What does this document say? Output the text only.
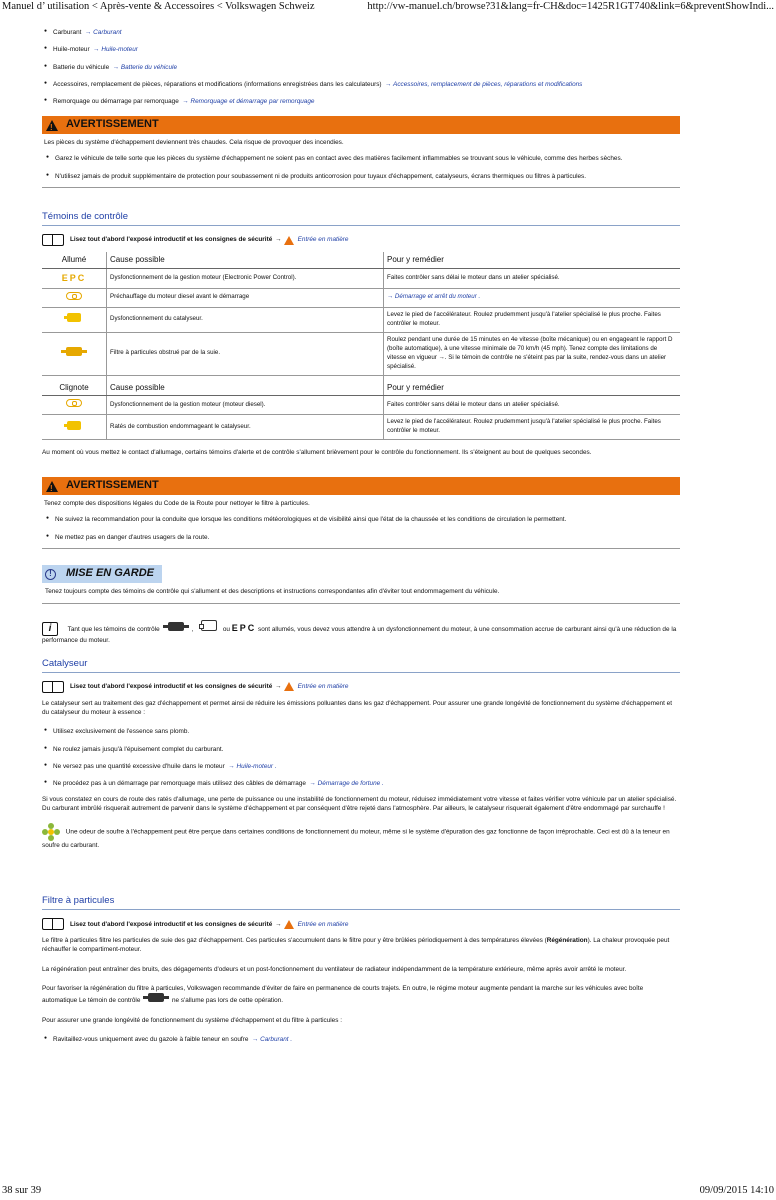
Manuel d’ utilisation < Après-vente & Accessoires < Volkswagen Schweiz	http://vw-manuel.ch/browse?31&lang=fr-CH&doc=1425R1GT740&link=6&preventShowIndi...
● Carburant → Carburant
● Huile-moteur → Huile-moteur
● Batterie du véhicule → Batterie du véhicule
● Accessoires, remplacement de pièces, réparations et modifications (informations enregistrées dans les calculateurs) → Accessoires, remplacement de pièces, réparations et modifications
● Remorquage ou démarrage par remorquage → Remorquage et démarrage par remorquage
!
AVERTISSEMENT

Les pièces du système d'échappement deviennent très chaudes. Cela risque de provoquer des incendies.

● Garez le véhicule de telle sorte que les pièces du système d'échappement ne soient pas en contact avec des matières facilement inflammables se trouvant sous le véhicule, comme des herbes sèches.
● N'utilisez jamais de produit supplémentaire de protection pour soubassement ni de produits anticorrosion pour tuyaux d'échappement, catalyseurs, écrans thermiques ou filtres à particules.
Témoins de contrôle
Lisez tout d'abord l'exposé introductif et les consignes de sécurité →	Entrée en matière
Allumé	Cause possible	Pour y remédier
EPC	Dysfonctionnement de la gestion moteur (Electronic Power Control).	Faites contrôler sans délai le moteur dans un atelier spécialisé.
	Préchauffage du moteur diesel avant le démarrage	→ Démarrage et arrêt du moteur .
	Dysfonctionnement du catalyseur.	Levez le pied de l'accélérateur. Roulez prudemment jusqu'à l'atelier spécialisé le plus proche. Faites contrôler le moteur.
	Filtre à particules obstrué par de la suie.	Roulez pendant une durée de 15 minutes en 4e vitesse (boîte mécanique) ou en engageant le rapport D (boîte automatique), à une vitesse minimale de 70 km/h (45 mph). Tenez compte des limitations de vitesse en vigueur →. Si le témoin de contrôle ne s'éteint pas par la suite, rendez-vous dans un atelier spécialisé.
Clignote	Cause possible	Pour y remédier
	Dysfonctionnement de la gestion moteur (moteur diesel).	Faites contrôler sans délai le moteur dans un atelier spécialisé.
	Ratés de combustion endommageant le catalyseur.	Levez le pied de l'accélérateur. Roulez prudemment jusqu'à l'atelier spécialisé le plus proche. Faites contrôler le moteur.

Au moment où vous mettez le contact d'allumage, certains témoins d'alerte et de contrôle s'allument brièvement pour le contrôle du fonctionnement. Ils s'éteignent au bout de quelques secondes.

!
AVERTISSEMENT

Tenez compte des dispositions légales du Code de la Route pour nettoyer le filtre à particules.

● Ne suivez la recommandation pour la conduite que lorsque les conditions météorologiques et de visibilité ainsi que l'état de la chaussée et les conditions de circulation le permettent.
● Ne mettez pas en danger d'autres usagers de la route.
!	MISE EN GARDE

Tenez toujours compte des témoins de contrôle qui s'allument et des descriptions et instructions correspondantes afin d'éviter tout endommagement du véhicule.

i	Tant que les témoins de contrôle	,	ou EPC sont allumés, vous devez vous attendre à un dysfonctionnement du moteur, à une consommation accrue de carburant ainsi qu'à une réduction de la performance du moteur.
Catalyseur
Lisez tout d'abord l'exposé introductif et les consignes de sécurité →	Entrée en matière

Le catalyseur sert au traitement des gaz d'échappement et permet ainsi de réduire les émissions polluantes dans les gaz d'échappement. Pour assurer une grande longévité de fonctionnement du système d'échappement et du catalyseur du moteur à essence :

● Utilisez exclusivement de l'essence sans plomb.
● Ne roulez jamais jusqu'à l'épuisement complet du carburant.
● Ne versez pas une quantité excessive d'huile dans le moteur → Huile-moteur .
● Ne procédez pas à un démarrage par remorquage mais utilisez des câbles de démarrage → Démarrage de fortune .

Si vous constatez en cours de route des ratés d'allumage, une perte de puissance ou une instabilité de fonctionnement du moteur, réduisez immédiatement votre vitesse et faites vérifier votre véhicule par un atelier spécialisé. Du carburant imbrûlé risquerait autrement de parvenir dans le système d'échappement et par conséquent d'être rejeté dans l'atmosphère. Par ailleurs, le catalyseur risquerait également d'être endommagé par surchauffe !

Une odeur de soufre à l'échappement peut être perçue dans certaines conditions de fonctionnement du moteur, même si le système d'épuration des gaz fonctionne de façon irréprochable. Ceci est dû à la teneur en soufre du carburant.
Filtre à particules
Lisez tout d'abord l'exposé introductif et les consignes de sécurité →	Entrée en matière

Le filtre à particules filtre les particules de suie des gaz d'échappement. Ces particules s'accumulent dans le filtre pour y être brûlées périodiquement à des températures élevées (Régénération). La chaleur provoquée peut réchauffer le compartiment-moteur.

La régénération peut entraîner des bruits, des dégagements d'odeurs et un post-fonctionnement du ventilateur de radiateur indépendamment de la température extérieure, même après avoir arrêté le moteur.

Pour favoriser la régénération du filtre à particules, Volkswagen recommande d'éviter de faire en permanence de courts trajets. En outre, le régime moteur augmente pendant la marche sur les véhicules avec boîte automatique Le témoin de contrôle	ne s'allume pas lors de cette opération.

Pour assurer une grande longévité de fonctionnement du système d'échappement et du filtre à particules :

● Ravitaillez-vous uniquement avec du gazole à faible teneur en soufre → Carburant .
38 sur 39	09/09/2015 14:10
